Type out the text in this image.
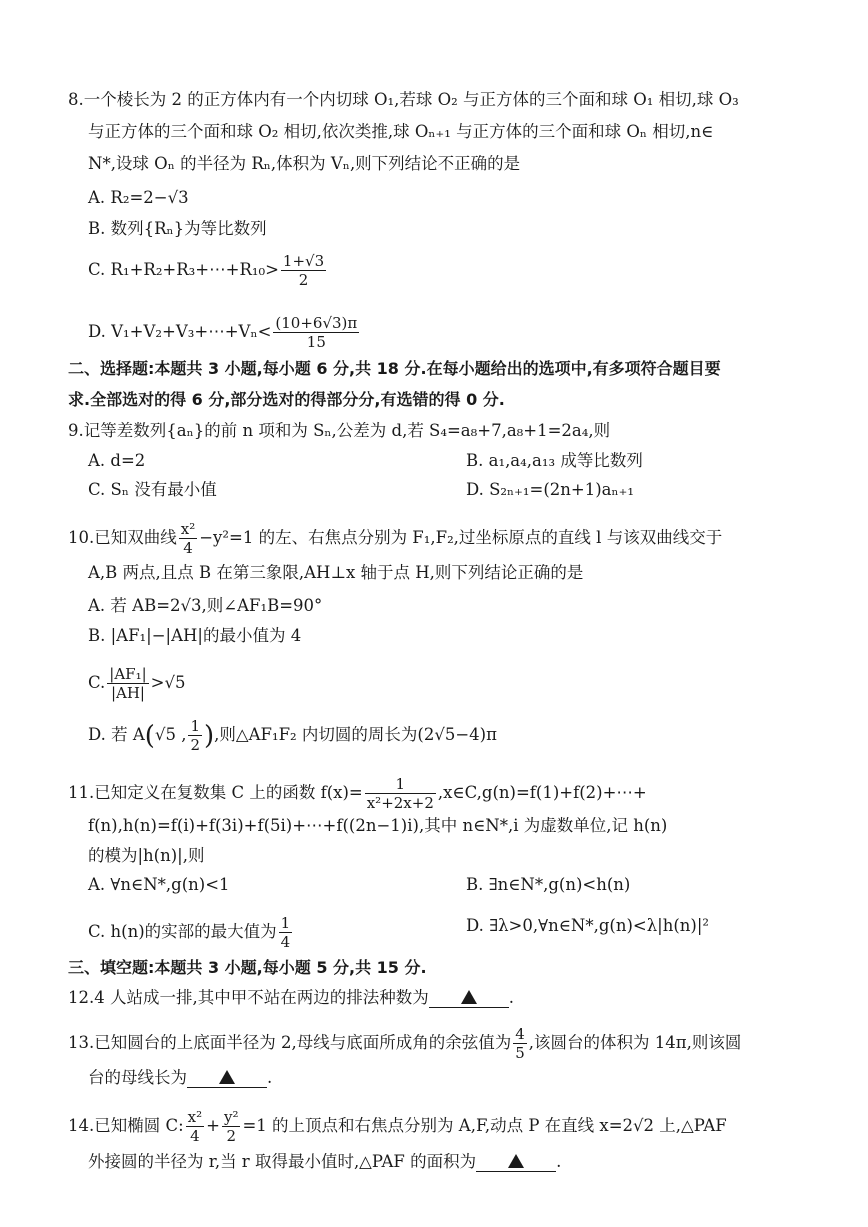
8.一个棱长为 2 的正方体内有一个内切球 O₁,若球 O₂ 与正方体的三个面和球 O₁ 相切,球 O₃
与正方体的三个面和球 O₂ 相切,依次类推,球 Oₙ₊₁ 与正方体的三个面和球 Oₙ 相切,n∈
N*,设球 Oₙ 的半径为 Rₙ,体积为 Vₙ,则下列结论不正确的是
A. R₂=2−√3
B. 数列{Rₙ}为等比数列
C. R₁+R₂+R₃+⋯+R₁₀> $\frac{1+√3}{2}$
D. V₁+V₂+V₃+⋯+Vₙ< $\frac{(10+6√3)\pi}{15}$
二、选择题:本题共 3 小题,每小题 6 分,共 18 分.在每小题给出的选项中,有多项符合题目要
求.全部选对的得 6 分,部分选对的得部分分,有选错的得 0 分.
9.记等差数列{aₙ}的前 n 项和为 Sₙ,公差为 d,若 S₄=a₈+7,a₈+1=2a₄,则
A. d=2	B. a₁,a₄,a₁₃ 成等比数列
C. Sₙ 没有最小值	D. S₂ₙ₊₁=(2n+1)aₙ₊₁
10.已知双曲线 $\frac{\text{x²}}{4} -y^2=1$ 的左、右焦点分别为 F₁,F₂,过坐标原点的直线 l 与该双曲线交于
A,B 两点,且点 B 在第三象限,AH⊥x 轴于点 H,则下列结论正确的是
A. 若 AB=2√3,则∠AF₁B=90°
B. |AF₁|−|AH|的最小值为 4
C. $\frac{\text{|AF₁|}}{|AH|} >√5$
D. 若 A(√5 , $\frac{1}{2}$ ),则△AF₁F₂ 内切圆的周长为(2√5−4)π
11.已知定义在复数集 C 上的函数 $f(x)= \frac{1}{\text{x²+2x+2}}$ ,x∈C,g(n)=f(1)+f(2)+⋯+
f(n),h(n)=f(i)+f(3i)+f(5i)+⋯+f((2n−1)i),其中 n∈N*,i 为虚数单位,记 h(n)
的模为|h(n)|,则
A. ∀n∈N*,g(n)<1	B. ∃n∈N*,g(n)<h(n)
C. h(n)的实部的最大值为 $\frac{1}{4}$	D. ∃λ>0,∀n∈N*,g(n)<λ|h(n)|²
三、填空题:本题共 3 小题,每小题 5 分,共 15 分.
12.4 人站成一排,其中甲不站在两边的排法种数为	.
13.已知圆台的上底面半径为 2,母线与底面所成角的余弦值为 $\frac{4}{5}$ ,该圆台的体积为 14π,则该圆
台的母线长为	.
14.已知椭圆 C: $\frac{\text{x²}}{4} + \frac{\text{y²}}{2} =1$ 的上顶点和右焦点分别为 A,F,动点 P 在直线 x=2√2 上,△PAF
外接圆的半径为 r,当 r 取得最小值时,△PAF 的面积为	.
